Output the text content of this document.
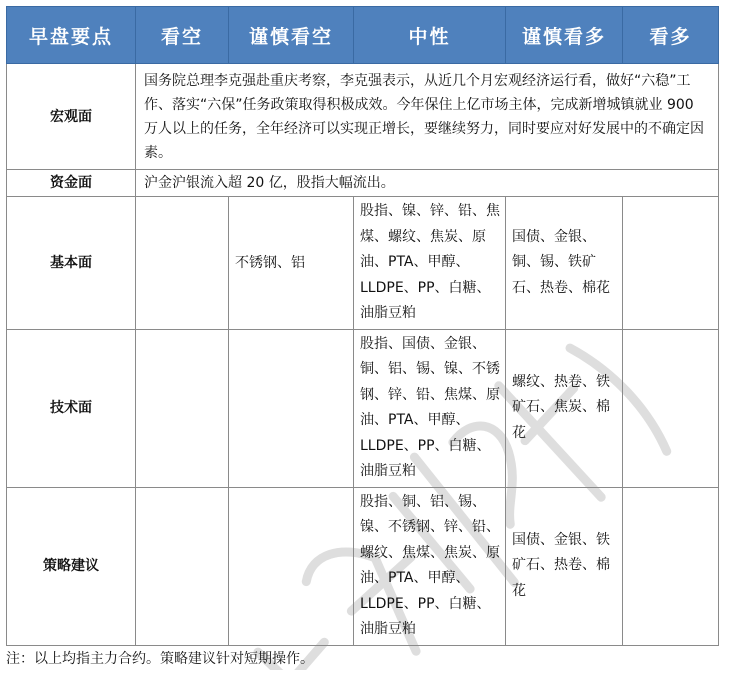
早盘要点	看空	谨慎看空	中性	谨慎看多	看多
宏观面	国务院总理李克强赴重庆考察，李克强表示，从近几个月宏观经济运行看，做好“六稳”工作、落实“六保”任务政策取得积极成效。今年保住上亿市场主体，完成新增城镇就业 900 万人以上的任务，全年经济可以实现正增长，要继续努力，同时要应对好发展中的不确定因素。				
资金面	沪金沪银流入超 20 亿，股指大幅流出。				
基本面		不锈钢、铝	股指、镍、锌、铅、焦煤、螺纹、焦炭、原油、PTA、甲醇、LLDPE、PP、白糖、油脂豆粕	国债、金银、铜、锡、铁矿石、热卷、棉花	
技术面			股指、国债、金银、铜、铝、锡、镍、不锈钢、锌、铅、焦煤、原油、PTA、甲醇、LLDPE、PP、白糖、油脂豆粕	螺纹、热卷、铁矿石、焦炭、棉花	
策略建议			股指、铜、铝、锡、镍、不锈钢、锌、铅、螺纹、焦煤、焦炭、原油、PTA、甲醇、LLDPE、PP、白糖、油脂豆粕	国债、金银、铁矿石、热卷、棉花	
注：以上均指主力合约。策略建议针对短期操作。
